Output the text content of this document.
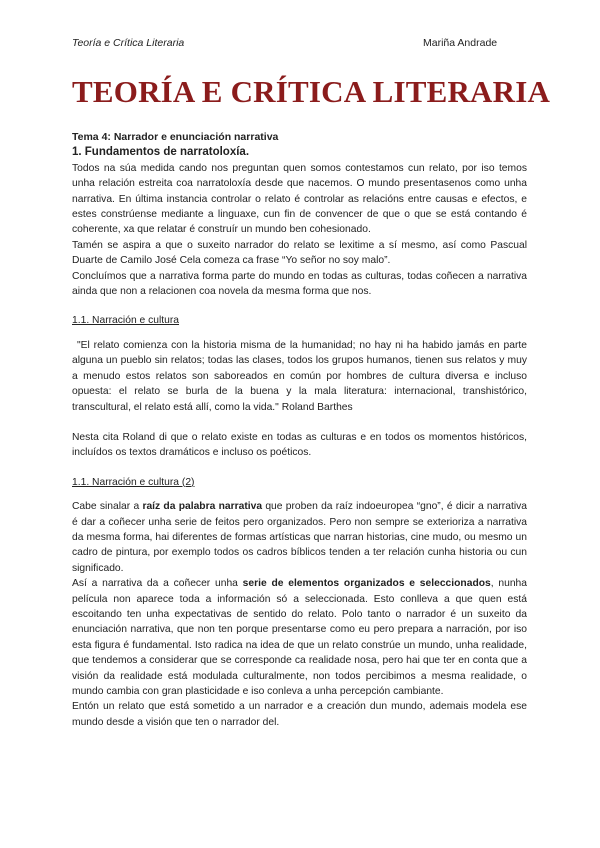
Teoría e Crítica Literaria	Mariña Andrade
TEORÍA E CRÍTICA LITERARIA

Tema 4: Narrador e enunciación narrativa

1. Fundamentos de narratoloxía.

Todos na súa medida cando nos preguntan quen somos contestamos cun relato, por iso temos unha relación estreita coa narratoloxía desde que nacemos. O mundo presentasenos como unha narrativa. En última instancia controlar o relato é controlar as relacións entre causas e efectos, e estes constrúense mediante a linguaxe, cun fin de convencer de que o que se está contando é coherente, xa que relatar é construír un mundo ben cohesionado.

Tamén se aspira a que o suxeito narrador do relato se lexitime a sí mesmo, así como Pascual Duarte de Camilo José Cela comeza ca frase “Yo señor no soy malo”.

Concluímos que a narrativa forma parte do mundo en todas as culturas, todas coñecen a narrativa ainda que non a relacionen coa novela da mesma forma que nos.

1.1. Narración e cultura

"El relato comienza con la historia misma de la humanidad; no hay ni ha habido jamás en parte alguna un pueblo sin relatos; todas las clases, todos los grupos humanos, tienen sus relatos y muy a menudo estos relatos son saboreados en común por hombres de cultura diversa e incluso opuesta: el relato se burla de la buena y la mala literatura: internacional, transhistórico, transcultural, el relato está allí, como la vida." Roland Barthes

Nesta cita Roland di que o relato existe en todas as culturas e en todos os momentos históricos, incluídos os textos dramáticos e incluso os poéticos.

1.1. Narración e cultura (2)

Cabe sinalar a raíz da palabra narrativa que proben da raíz indoeuropea “gno”, é dicir a narrativa é dar a coñecer unha serie de feitos pero organizados. Pero non sempre se exterioriza a narrativa da mesma forma, hai diferentes de formas artísticas que narran historias, cine mudo, ou mesmo un cadro de pintura, por exemplo todos os cadros bíblicos tenden a ter relación cunha historia ou cun significado.

Así a narrativa da a coñecer unha serie de elementos organizados e seleccionados, nunha película non aparece toda a información só a seleccionada. Esto conlleva a que quen está escoitando ten unha expectativas de sentido do relato. Polo tanto o narrador é un suxeito da enunciación narrativa, que non ten porque presentarse como eu pero prepara a narración, por iso esta figura é fundamental. Isto radica na idea de que un relato constrúe un mundo, unha realidade, que tendemos a considerar que se corresponde ca realidade nosa, pero hai que ter en conta que a visión da realidade está modulada culturalmente, non todos percibimos a mesma realidade, o mundo cambia con gran plasticidade e iso conleva a unha percepción cambiante.

Entón un relato que está sometido a un narrador e a creación dun mundo, ademais modela ese mundo desde a visión que ten o narrador del.
